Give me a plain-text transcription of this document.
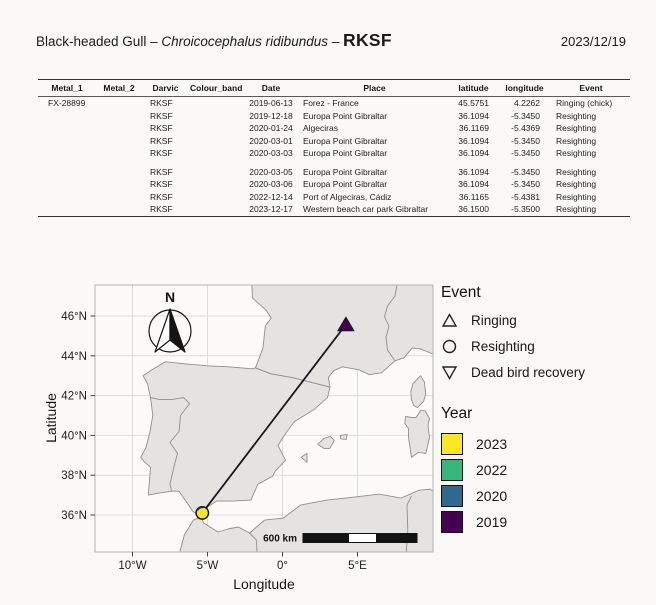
Black-headed Gull – Chroicocephalus ridibundus – RKSF	2023/12/19
Metal_1	Metal_2	Darvic	Colour_band	Date	Place	latitude	longitude	Event
FX-28899		RKSF		2019-06-13	Forez - France	45.5751	4.2262	Ringing (chick)
		RKSF		2019-12-18	Europa Point Gibraltar	36.1094	-5.3450	Resighting
		RKSF		2020-01-24	Algeciras	36.1169	-5.4369	Resighting
		RKSF		2020-03-01	Europa Point Gibraltar	36.1094	-5.3450	Resighting
		RKSF		2020-03-03	Europa Point Gibraltar	36.1094	-5.3450	Resighting
		RKSF		2020-03-05	Europa Point Gibraltar	36.1094	-5.3450	Resighting
		RKSF		2020-03-06	Europa Point Gibraltar	36.1094	-5.3450	Resighting
		RKSF		2022-12-14	Port of Algeciras, Cádiz	36.1165	-5.4381	Resighting
		RKSF		2023-12-17	Western beach car park Gibraltar	36.1500	-5.3500	Resighting
N
600 km
10°W	5°W	0°	5°E
46°N
44°N
42°N
40°N
38°N
36°N
Longitude
Latitude
Event
Ringing
Resighting
Dead bird recovery
Year
2023
2022
2020
2019
